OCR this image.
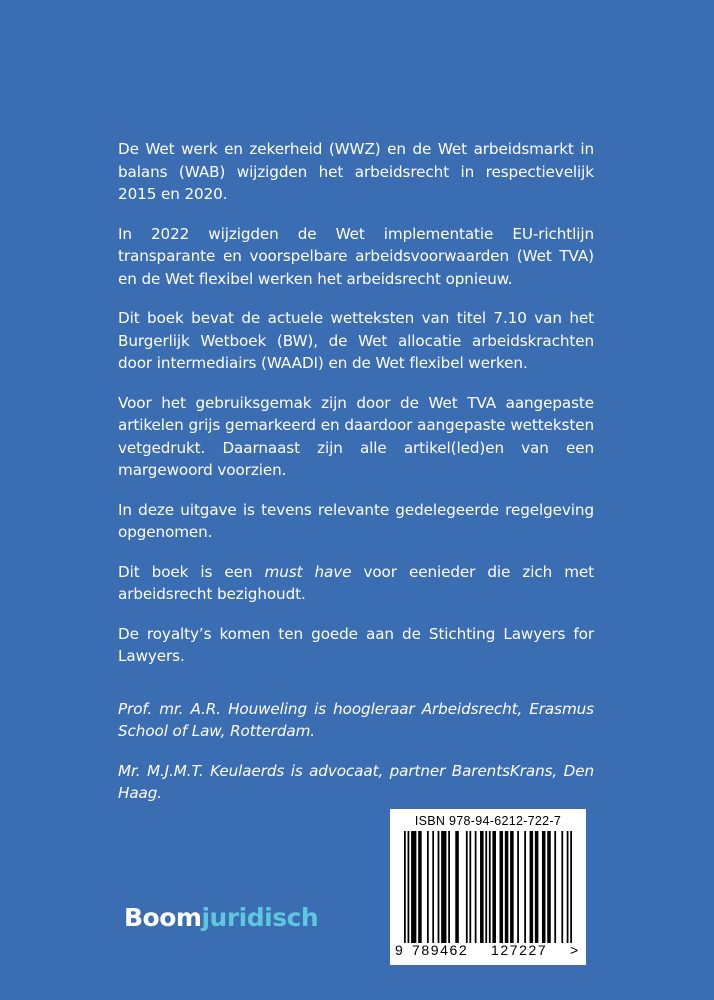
De Wet werk en zekerheid (WWZ) en de Wet arbeidsmarkt in balans (WAB) wijzigden het arbeidsrecht in respectievelijk 2015 en 2020.

In 2022 wijzigden de Wet implementatie EU-richtlijn transparante en voorspelbare arbeidsvoorwaarden (Wet TVA) en de Wet flexibel werken het arbeidsrecht opnieuw.

Dit boek bevat de actuele wetteksten van titel 7.10 van het Burgerlijk Wetboek (BW), de Wet allocatie arbeidskrachten door intermediairs (WAADI) en de Wet flexibel werken.

Voor het gebruiksgemak zijn door de Wet TVA aangepaste artikelen grijs gemarkeerd en daardoor aangepaste wetteksten vetgedrukt. Daarnaast zijn alle artikel(led)en van een margewoord voorzien.

In deze uitgave is tevens relevante gedelegeerde regelgeving opgenomen.

Dit boek is een must have voor eenieder die zich met arbeidsrecht bezighoudt.

De royalty’s komen ten goede aan de Stichting Lawyers for Lawyers.

Prof. mr. A.R. Houweling is hoogleraar Arbeidsrecht, Erasmus School of Law, Rotterdam.

Mr. M.J.M.T. Keulaerds is advocaat, partner BarentsKrans, Den Haag.

ISBN 978-94-6212-722-7
9 789462 127227 >
Boomjuridisch
